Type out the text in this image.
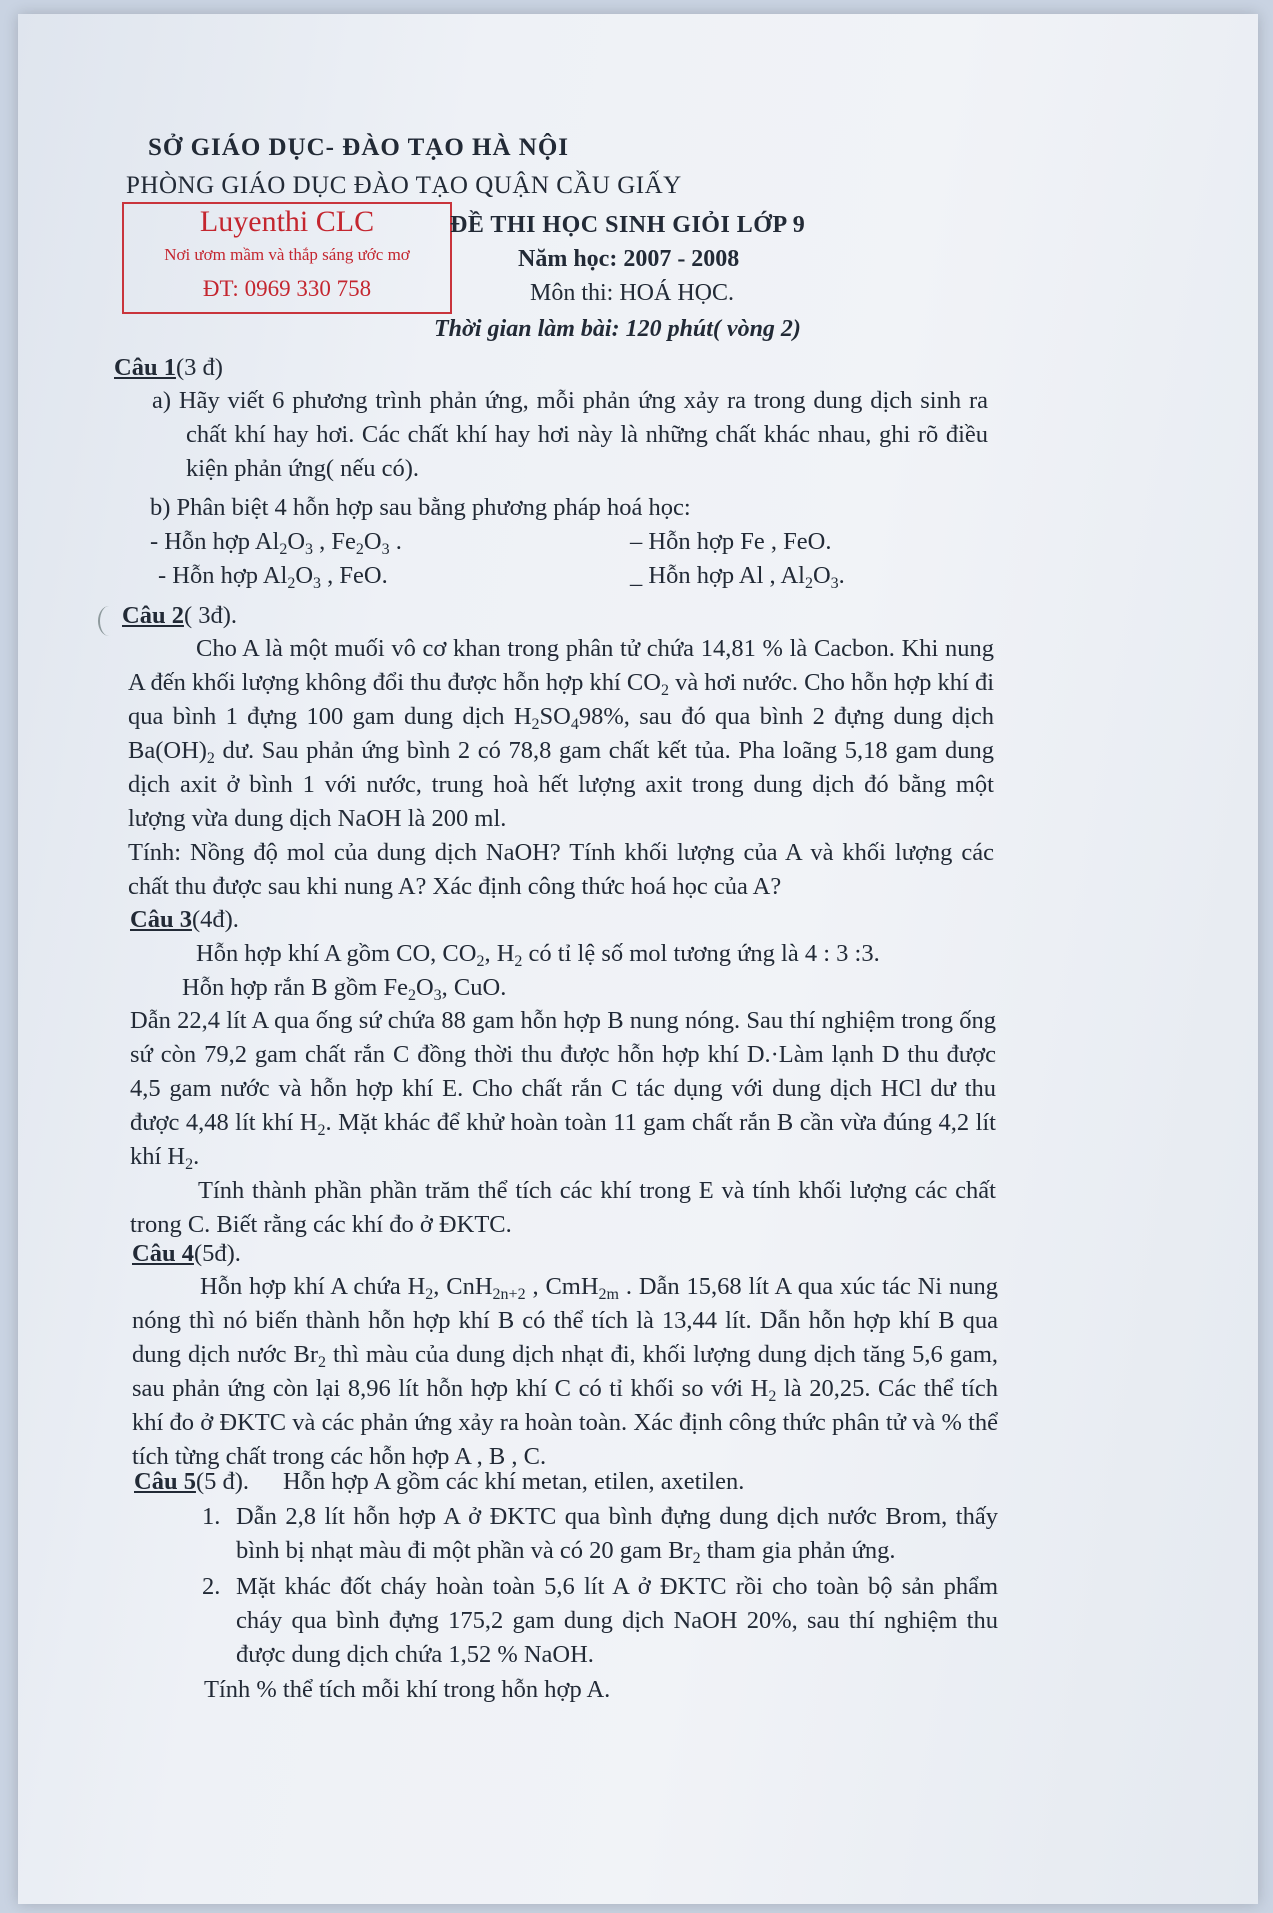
SỞ GIÁO DỤC- ĐÀO TẠO HÀ NỘI
PHÒNG GIÁO DỤC ĐÀO TẠO QUẬN CẦU GIẤY
Luyenthi CLC
Nơi ươm mầm và thắp sáng ước mơ
ĐT: 0969 330 758
ĐỀ THI HỌC SINH GIỎI LỚP 9
Năm học: 2007 - 2008
Môn thi: HOÁ HỌC.
Thời gian làm bài: 120 phút( vòng 2)
Câu 1(3 đ)
a) Hãy viết 6 phương trình phản ứng, mỗi phản ứng xảy ra trong dung dịch sinh ra chất khí hay hơi. Các chất khí hay hơi này là những chất khác nhau, ghi rõ điều kiện phản ứng( nếu có).
b) Phân biệt 4 hỗn hợp sau bằng phương pháp hoá học:
- Hỗn hợp $Al_2O_3$ , $Fe_2O_3$ .	– Hỗn hợp Fe , FeO.
- Hỗn hợp $Al_2O_3$ , FeO.	_ Hỗn hợp Al , $Al_2O_3$.
Câu 2( 3đ).
Cho A là một muối vô cơ khan trong phân tử chứa 14,81 % là Cacbon. Khi nung A đến khối lượng không đổi thu được hỗn hợp khí $CO_2$ và hơi nước. Cho hỗn hợp khí đi qua bình 1 đựng 100 gam dung dịch $H_2SO_498\%$, sau đó qua bình 2 đựng dung dịch $Ba(OH)_2$ dư. Sau phản ứng bình 2 có 78,8 gam chất kết tủa. Pha loãng 5,18 gam dung dịch axit ở bình 1 với nước, trung hoà hết lượng axit trong dung dịch đó bằng một lượng vừa dung dịch NaOH là 200 ml.
Tính: Nồng độ mol của dung dịch NaOH? Tính khối lượng của A và khối lượng các chất thu được sau khi nung A? Xác định công thức hoá học của A?
Câu 3(4đ).
Hỗn hợp khí A gồm CO, $CO_2$, $H_2$ có tỉ lệ số mol tương ứng là 4 : 3 :3.
Hỗn hợp rắn B gồm $Fe_2O_3$, CuO.
Dẫn 22,4 lít A qua ống sứ chứa 88 gam hỗn hợp B nung nóng. Sau thí nghiệm trong ống sứ còn 79,2 gam chất rắn C đồng thời thu được hỗn hợp khí D.·Làm lạnh D thu được 4,5 gam nước và hỗn hợp khí E. Cho chất rắn C tác dụng với dung dịch HCl dư thu được 4,48 lít khí $H_2$. Mặt khác để khử hoàn toàn 11 gam chất rắn B cần vừa đúng 4,2 lít khí $H_2$.
Tính thành phần phần trăm thể tích các khí trong E và tính khối lượng các chất trong C. Biết rằng các khí đo ở ĐKTC.
Câu 4(5đ).
Hỗn hợp khí A chứa $H_2$, CnH$_{2n+2}$ , CmH$_{2m}$ . Dẫn 15,68 lít A qua xúc tác Ni nung nóng thì nó biến thành hỗn hợp khí B có thể tích là 13,44 lít. Dẫn hỗn hợp khí B qua dung dịch nước $Br_2$ thì màu của dung dịch nhạt đi, khối lượng dung dịch tăng 5,6 gam, sau phản ứng còn lại 8,96 lít hỗn hợp khí C có tỉ khối so với $H_2$ là 20,25. Các thể tích khí đo ở ĐKTC và các phản ứng xảy ra hoàn toàn. Xác định công thức phân tử và % thể tích từng chất trong các hỗn hợp A , B , C.
Câu 5(5 đ). Hỗn hợp A gồm các khí metan, etilen, axetilen.
1. Dẫn 2,8 lít hỗn hợp A ở ĐKTC qua bình đựng dung dịch nước Brom, thấy bình bị nhạt màu đi một phần và có 20 gam $Br_2$ tham gia phản ứng.
2. Mặt khác đốt cháy hoàn toàn 5,6 lít A ở ĐKTC rồi cho toàn bộ sản phẩm cháy qua bình đựng 175,2 gam dung dịch NaOH 20%, sau thí nghiệm thu được dung dịch chứa 1,52 % NaOH.
Tính % thể tích mỗi khí trong hỗn hợp A.
